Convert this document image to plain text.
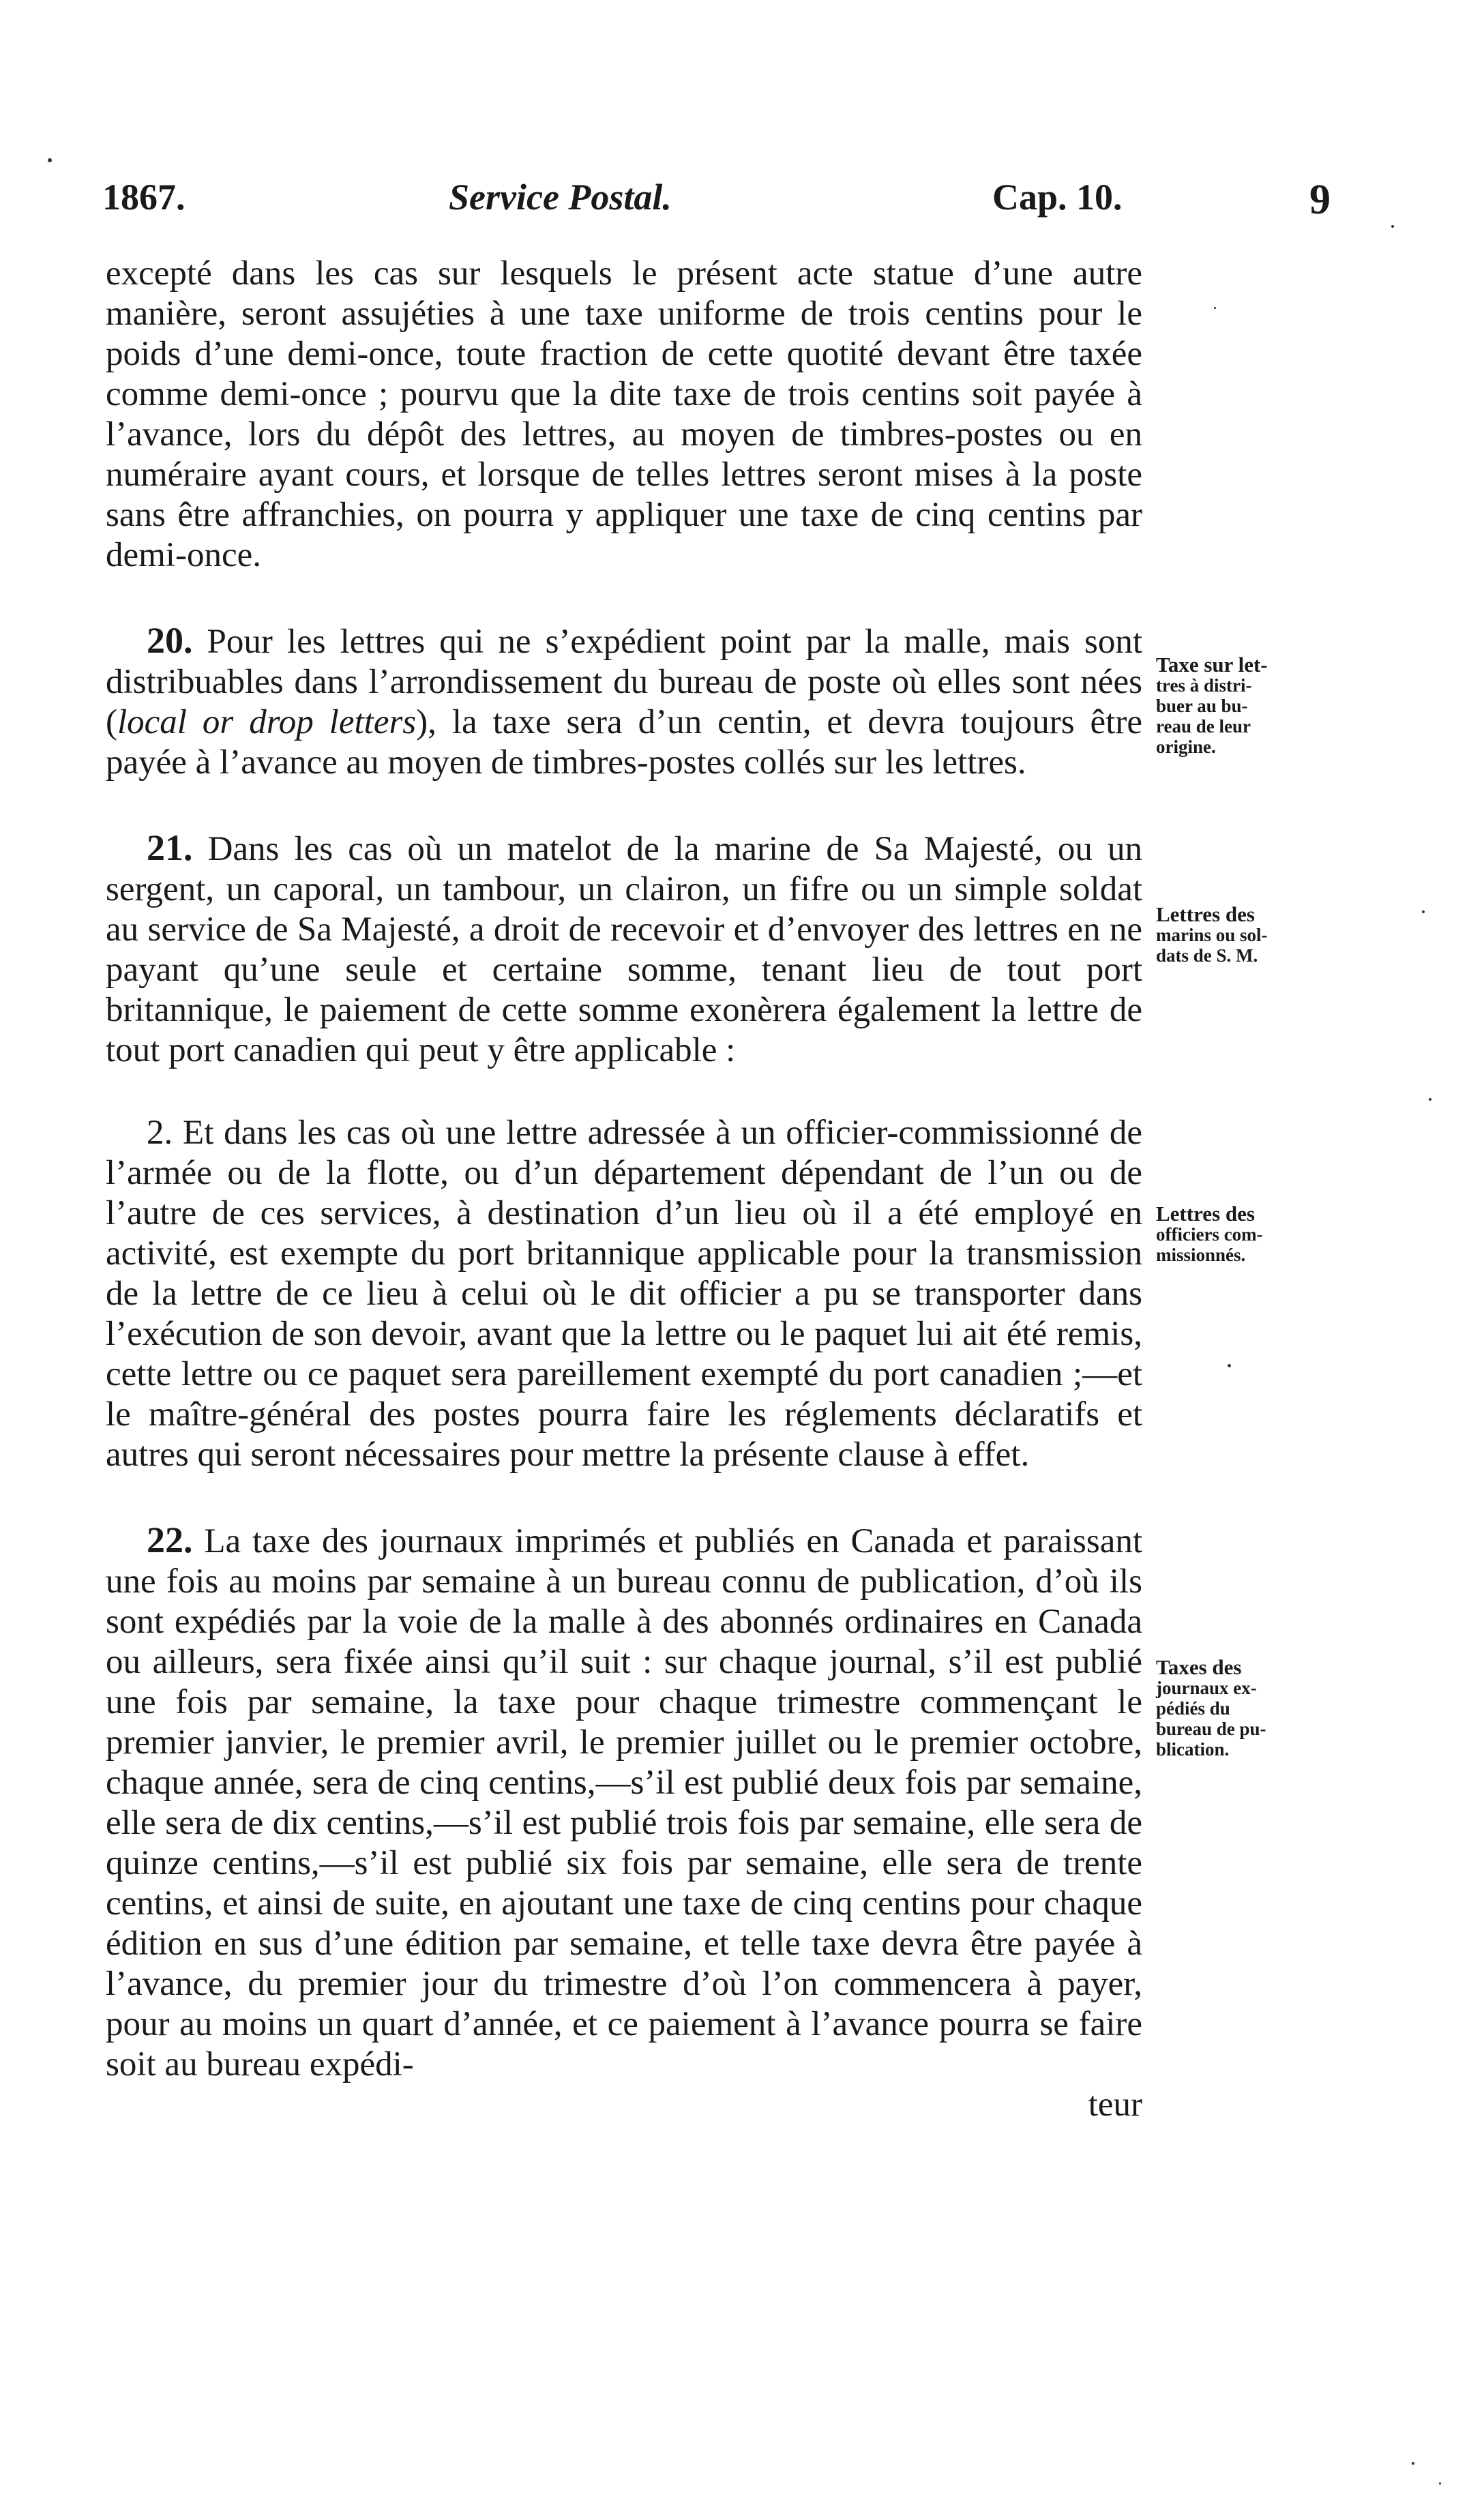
1867.	Service Postal.	Cap. 10.	9

excepté dans les cas sur lesquels le présent acte statue d’une autre manière, seront assujéties à une taxe uniforme de trois centins pour le poids d’une demi-once, toute fraction de cette quotité devant être taxée comme demi-once ; pourvu que la dite taxe de trois centins soit payée à l’avance, lors du dépôt des lettres, au moyen de timbres-postes ou en numéraire ayant cours, et lorsque de telles lettres seront mises à la poste sans être affranchies, on pourra y appliquer une taxe de cinq centins par demi-once.

20. Pour les lettres qui ne s’expédient point par la malle, mais sont distribuables dans l’arrondissement du bureau de poste où elles sont nées (local or drop letters), la taxe sera d’un centin, et devra toujours être payée à l’avance au moyen de timbres-postes collés sur les lettres.

21. Dans les cas où un matelot de la marine de Sa Majesté, ou un sergent, un caporal, un tambour, un clairon, un fifre ou un simple soldat au service de Sa Majesté, a droit de recevoir et d’envoyer des lettres en ne payant qu’une seule et certaine somme, tenant lieu de tout port britannique, le paiement de cette somme exonèrera également la lettre de tout port canadien qui peut y être applicable :

2. Et dans les cas où une lettre adressée à un officier-commissionné de l’armée ou de la flotte, ou d’un département dépendant de l’un ou de l’autre de ces services, à destination d’un lieu où il a été employé en activité, est exempte du port britannique applicable pour la transmission de la lettre de ce lieu à celui où le dit officier a pu se transporter dans l’exécution de son devoir, avant que la lettre ou le paquet lui ait été remis, cette lettre ou ce paquet sera pareillement exempté du port canadien ;—et le maître-général des postes pourra faire les réglements déclaratifs et autres qui seront nécessaires pour mettre la présente clause à effet.

22. La taxe des journaux imprimés et publiés en Canada et paraissant une fois au moins par semaine à un bureau connu de publication, d’où ils sont expédiés par la voie de la malle à des abonnés ordinaires en Canada ou ailleurs, sera fixée ainsi qu’il suit : sur chaque journal, s’il est publié une fois par semaine, la taxe pour chaque trimestre commençant le premier janvier, le premier avril, le premier juillet ou le premier octobre, chaque année, sera de cinq centins,—s’il est publié deux fois par semaine, elle sera de dix centins,—s’il est publié trois fois par semaine, elle sera de quinze centins,—s’il est publié six fois par semaine, elle sera de trente centins, et ainsi de suite, en ajoutant une taxe de cinq centins pour chaque édition en sus d’une édition par semaine, et telle taxe devra être payée à l’avance, du premier jour du trimestre d’où l’on commencera à payer, pour au moins un quart d’année, et ce paiement à l’avance pourra se faire soit au bureau expédi-

teur
Taxe sur let-
tres à distri-
buer au bu-
reau de leur
origine.
Lettres des
marins ou sol-
dats de S. M.
Lettres des
officiers com-
missionnés.
Taxes des
journaux ex-
pédiés du
bureau de pu-
blication.
